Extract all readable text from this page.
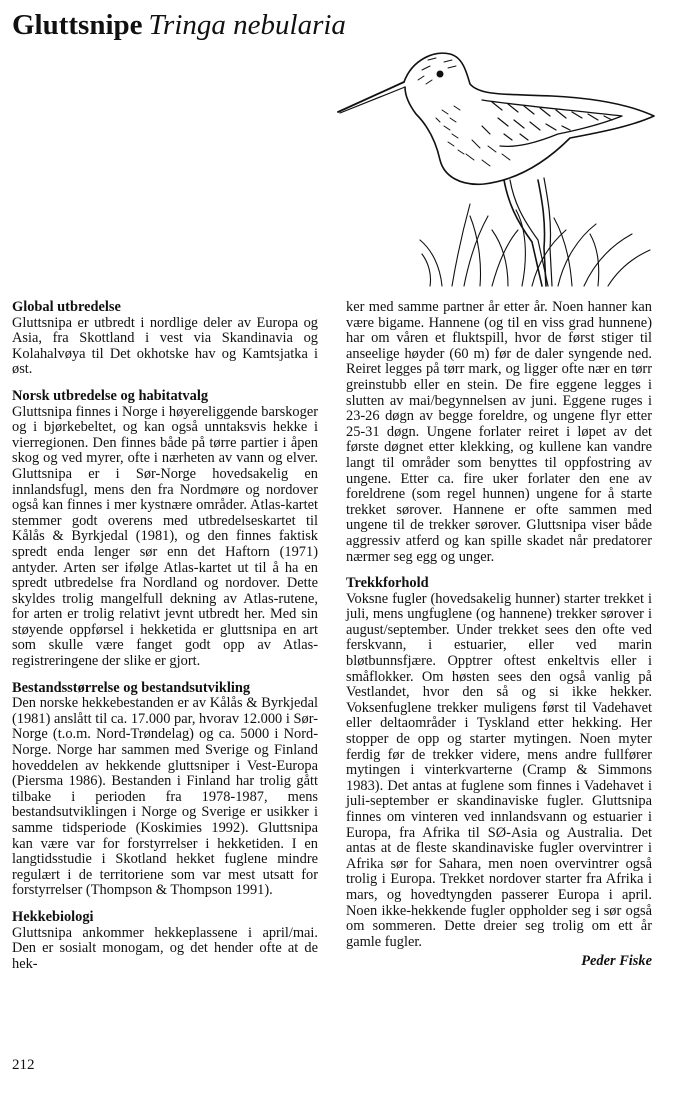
Gluttsnipe Tringa nebularia

Global utbredelse

Gluttsnipa er utbredt i nordlige deler av Europa og Asia, fra Skottland i vest via Skandinavia og Kolahalvøya til Det okhotske hav og Kamtsjatka i øst.

Norsk utbredelse og habitatvalg

Gluttsnipa finnes i Norge i høyereliggende barskoger og i bjørkebeltet, og kan også unntaksvis hekke i vierregionen. Den finnes både på tørre partier i åpen skog og ved myrer, ofte i nærheten av vann og elver. Gluttsnipa er i Sør-Norge hovedsakelig en innlandsfugl, mens den fra Nordmøre og nordover også kan finnes i mer kystnære områder. Atlas-kartet stemmer godt overens med utbredelseskartet til Kålås & Byrkjedal (1981), og den finnes faktisk spredt enda lenger sør enn det Haftorn (1971) antyder. Arten ser ifølge Atlas-kartet ut til å ha en spredt utbredelse fra Nordland og nordover. Dette skyldes trolig mangelfull dekning av Atlas-rutene, for arten er trolig relativt jevnt utbredt her. Med sin støyende oppførsel i hekketida er gluttsnipa en art som skulle være fanget godt opp av Atlas-registreringene der slike er gjort.

Bestandsstørrelse og bestandsutvikling

Den norske hekkebestanden er av Kålås & Byrkjedal (1981) anslått til ca. 17.000 par, hvorav 12.000 i Sør-Norge (t.o.m. Nord-Trøndelag) og ca. 5000 i Nord-Norge. Norge har sammen med Sverige og Finland hoveddelen av hekkende gluttsniper i Vest-Europa (Piersma 1986). Bestanden i Finland har trolig gått tilbake i perioden fra 1978-1987, mens bestandsutviklingen i Norge og Sverige er usikker i samme tidsperiode (Koskimies 1992). Gluttsnipa kan være var for forstyrrelser i hekketiden. I en langtidsstudie i Skotland hekket fuglene mindre regulært i de territoriene som var mest utsatt for forstyrrelser (Thompson & Thompson 1991).

Hekkebiologi

Gluttsnipa ankommer hekkeplassene i april/mai. Den er sosialt monogam, og det hender ofte at de hek-

ker med samme partner år etter år. Noen hanner kan være bigame. Hannene (og til en viss grad hunnene) har om våren et fluktspill, hvor de først stiger til anseelige høyder (60 m) før de daler syngende ned. Reiret legges på tørr mark, og ligger ofte nær en tørr greinstubb eller en stein. De fire eggene legges i slutten av mai/begynnelsen av juni. Eggene ruges i 23-26 døgn av begge foreldre, og ungene flyr etter 25-31 døgn. Ungene forlater reiret i løpet av det første døgnet etter klekking, og kullene kan vandre langt til områder som benyttes til oppfostring av ungene. Etter ca. fire uker forlater den ene av foreldrene (som regel hunnen) ungene for å starte trekket sørover. Hannene er ofte sammen med ungene til de trekker sørover. Gluttsnipa viser både aggressiv atferd og kan spille skadet når predatorer nærmer seg egg og unger.

Trekkforhold

Voksne fugler (hovedsakelig hunner) starter trekket i juli, mens ungfuglene (og hannene) trekker sørover i august/september. Under trekket sees den ofte ved ferskvann, i estuarier, eller ved marin bløtbunnsfjære. Opptrer oftest enkeltvis eller i småflokker. Om høsten sees den også vanlig på Vestlandet, hvor den så og si ikke hekker. Voksenfuglene trekker muligens først til Vadehavet eller deltaområder i Tyskland etter hekking. Her stopper de opp og starter mytingen. Noen myter ferdig før de trekker videre, mens andre fullfører mytingen i vinterkvarterne (Cramp & Simmons 1983). Det antas at fuglene som finnes i Vadehavet i juli-september er skandinaviske fugler. Gluttsnipa finnes om vinteren ved innlandsvann og estuarier i Europa, fra Afrika til SØ-Asia og Australia. Det antas at de fleste skandinaviske fugler overvintrer i Afrika sør for Sahara, men noen overvintrer også trolig i Europa. Trekket nordover starter fra Afrika i mars, og hovedtyngden passerer Europa i april. Noen ikke-hekkende fugler oppholder seg i sør også om sommeren. Dette dreier seg trolig om ett år gamle fugler.

Peder Fiske
212
